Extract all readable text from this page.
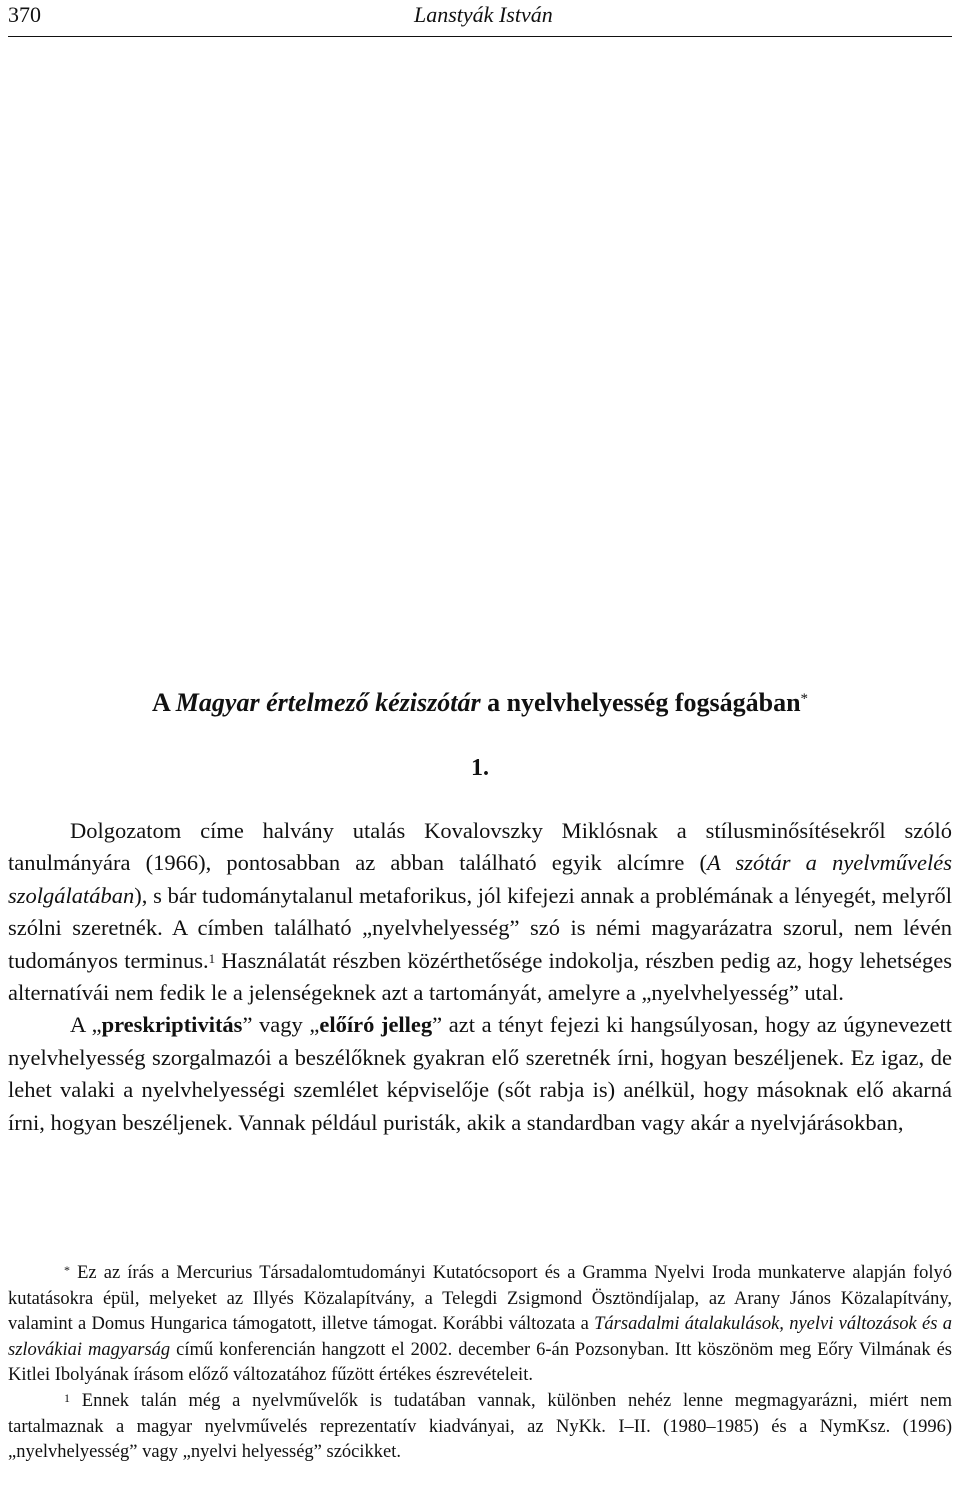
370	Lanstyák István
A Magyar értelmező kéziszótár a nyelvhelyesség fogságában*
1.

Dolgozatom címe halvány utalás Kovalovszky Miklósnak a stílusminősítésekről szóló tanulmányára (1966), pontosabban az abban található egyik alcímre (A szótár a nyelvművelés szolgálatában), s bár tudománytalanul metaforikus, jól kifejezi annak a problémának a lényegét, melyről szólni szeretnék. A címben található „nyelvhelyesség” szó is némi magyarázatra szorul, nem lévén tudományos terminus.$^1$ Használatát részben közérthetősége indokolja, részben pedig az, hogy lehetséges alternatívái nem fedik le a jelenségeknek azt a tartományát, amelyre a „nyelvhelyesség” utal.

A „preskriptivitás” vagy „előíró jelleg” azt a tényt fejezi ki hangsúlyosan, hogy az úgynevezett nyelvhelyesség szorgalmazói a beszélőknek gyakran elő szeretnék írni, hogyan beszéljenek. Ez igaz, de lehet valaki a nyelvhelyességi szemlélet képviselője (sőt rabja is) anélkül, hogy másoknak elő akarná írni, hogyan beszéljenek. Vannak például puristák, akik a standardban vagy akár a nyelvjárásokban,

* Ez az írás a Mercurius Társadalomtudományi Kutatócsoport és a Gramma Nyelvi Iroda munkaterve alapján folyó kutatásokra épül, melyeket az Illyés Közalapítvány, a Telegdi Zsigmond Ösztöndíjalap, az Arany János Közalapítvány, valamint a Domus Hungarica támogatott, illetve támogat. Korábbi változata a Társadalmi átalakulások, nyelvi változások és a szlovákiai magyarság című konferencián hangzott el 2002. december 6-án Pozsonyban. Itt köszönöm meg Eőry Vilmának és Kitlei Ibolyának írásom előző változatához fűzött értékes észrevételeit.

$^1$ Ennek talán még a nyelvművelők is tudatában vannak, különben nehéz lenne megmagyarázni, miért nem tartalmaznak a magyar nyelvművelés reprezentatív kiadványai, az NyKk. I–II. (1980–1985) és a NymKsz. (1996) „nyelvhelyesség” vagy „nyelvi helyesség” szócikket.
